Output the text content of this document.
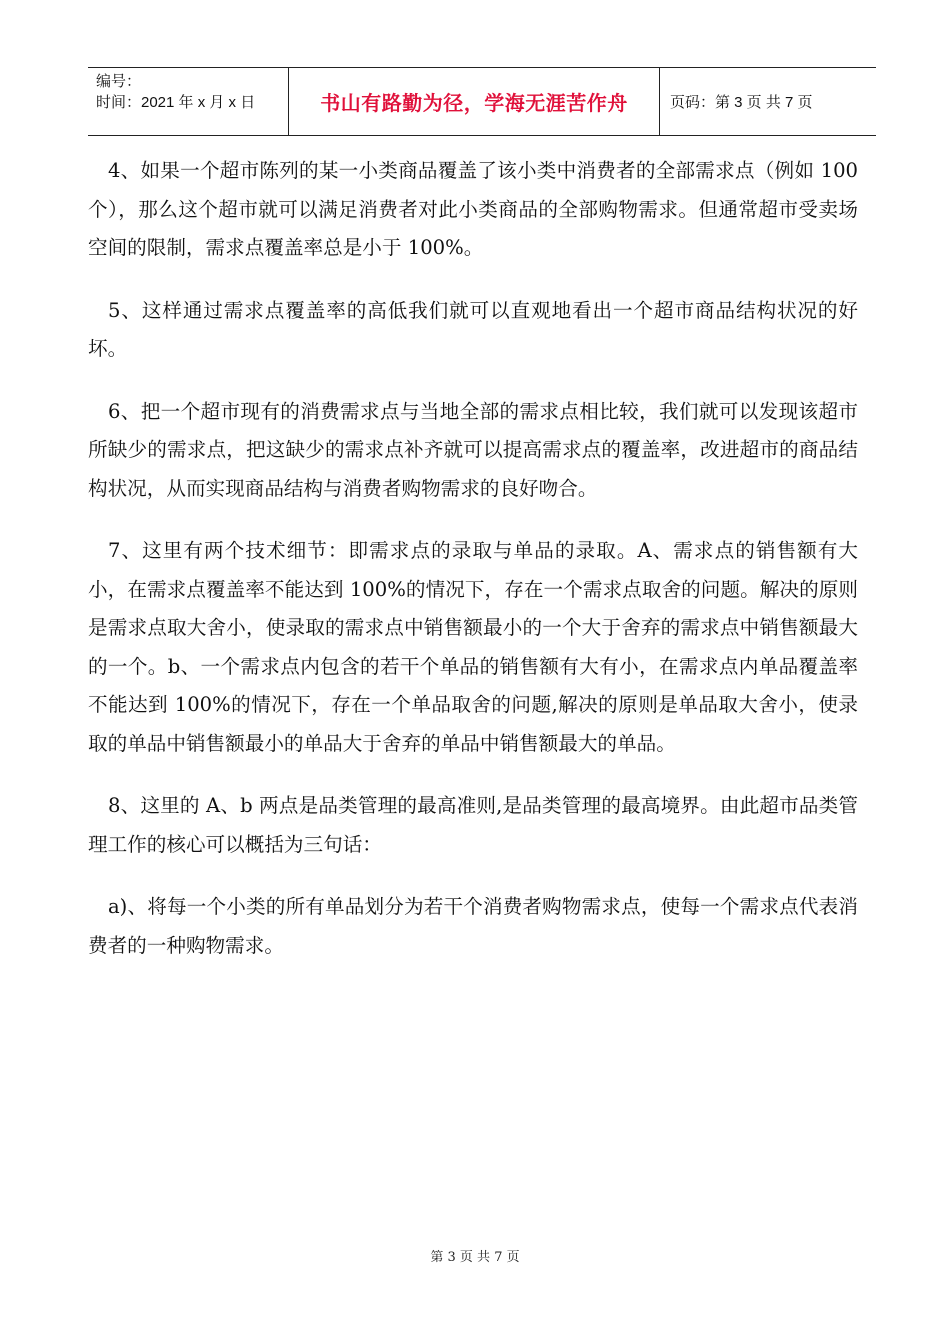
编号：
时间：2021 年 x 月 x 日	书山有路勤为径，学海无涯苦作舟	页码：第 3 页 共 7 页

4、如果一个超市陈列的某一小类商品覆盖了该小类中消费者的全部需求点（例如 100 个），那么这个超市就可以满足消费者对此小类商品的全部购物需求。但通常超市受卖场空间的限制，需求点覆盖率总是小于 100%。

5、这样通过需求点覆盖率的高低我们就可以直观地看出一个超市商品结构状况的好坏。

6、把一个超市现有的消费需求点与当地全部的需求点相比较，我们就可以发现该超市所缺少的需求点，把这缺少的需求点补齐就可以提高需求点的覆盖率，改进超市的商品结构状况，从而实现商品结构与消费者购物需求的良好吻合。

7、这里有两个技术细节：即需求点的录取与单品的录取。A、需求点的销售额有大小，在需求点覆盖率不能达到 100%的情况下，存在一个需求点取舍的问题。解决的原则是需求点取大舍小，使录取的需求点中销售额最小的一个大于舍弃的需求点中销售额最大的一个。b、一个需求点内包含的若干个单品的销售额有大有小，在需求点内单品覆盖率不能达到 100%的情况下，存在一个单品取舍的问题,解决的原则是单品取大舍小，使录取的单品中销售额最小的单品大于舍弃的单品中销售额最大的单品。

8、这里的 A、b 两点是品类管理的最高准则,是品类管理的最高境界。由此超市品类管理工作的核心可以概括为三句话：

a)、将每一个小类的所有单品划分为若干个消费者购物需求点，使每一个需求点代表消费者的一种购物需求。

第 3 页 共 7 页
